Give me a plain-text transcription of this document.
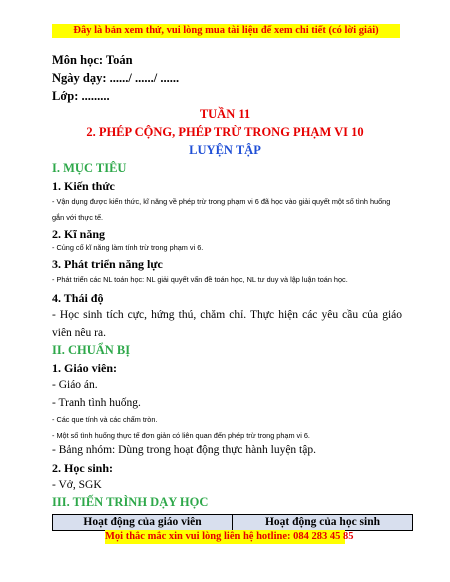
Đây là bản xem thử, vui lòng mua tài liệu để xem chi tiết (có lời giải)
Môn học: Toán
Ngày dạy: ....../ ....../ ......
Lớp: .........
TUẦN 11
2. PHÉP CỘNG, PHÉP TRỪ TRONG PHẠM VI 10
LUYỆN TẬP
I. MỤC TIÊU
1. Kiến thức
- Vận dụng được kiến thức, kĩ năng về phép trừ trong phạm vi 6 đã học vào giải quyết một số tình huống gắn với thực tế.
2. Kĩ năng
- Củng cố kĩ năng làm tính trừ trong phạm vi 6.
3. Phát triển năng lực
- Phát triển các NL toán học: NL giải quyết vấn đề toán học, NL tư duy và lập luận toán học.
4. Thái độ
- Học sinh tích cực, hứng thú, chăm chỉ. Thực hiện các yêu cầu của giáo viên nêu ra.
II. CHUẨN BỊ
1. Giáo viên:
- Giáo án.
- Tranh tình huống.
- Các que tính và các chấm tròn.
- Một số tình huống thực tế đơn giản có liên quan đến phép trừ trong phạm vi 6.
- Bảng nhóm: Dùng trong hoạt động thực hành luyện tập.
2. Học sinh:
- Vở, SGK
III. TIẾN TRÌNH DẠY HỌC
Hoạt động của giáo viên	Hoạt động của học sinh
Mọi thắc mắc xin vui lòng liên hệ hotline: 084 283 45 85
